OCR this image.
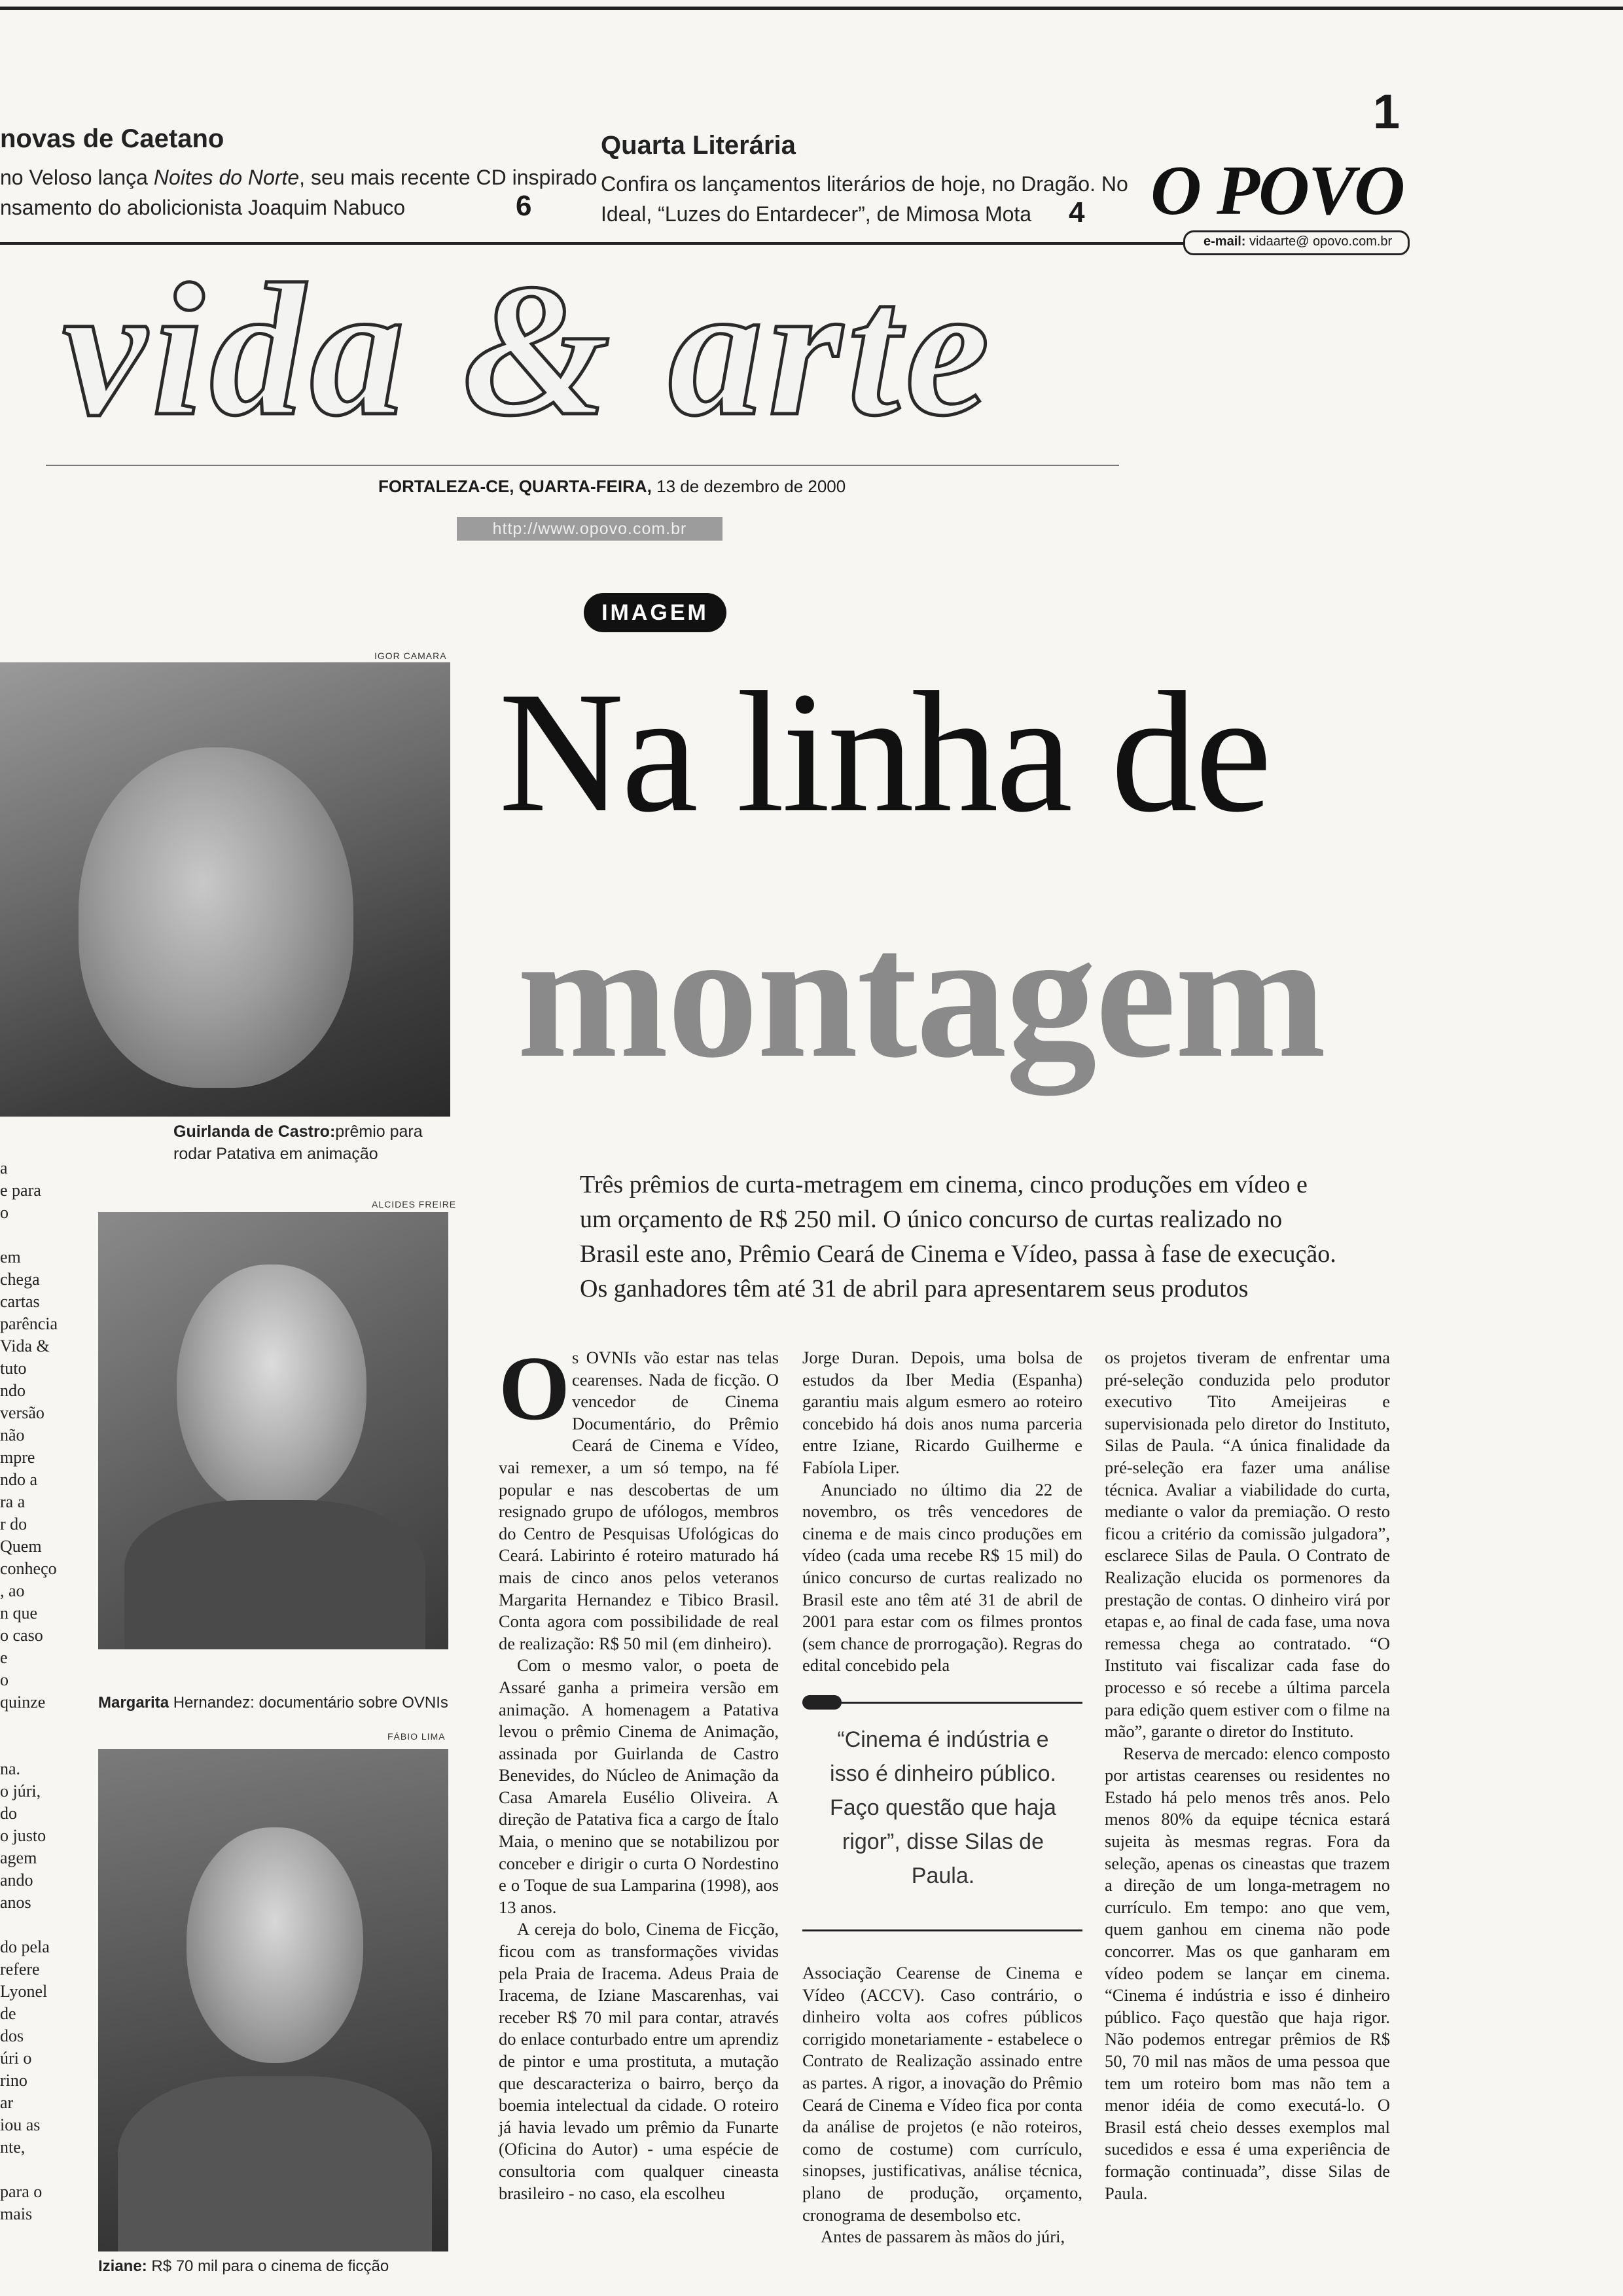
1
novas de Caetano
no Veloso lança Noites do Norte, seu mais recente CD inspirado
nsamento do abolicionista Joaquim Nabuco	6
Quarta Literária
Confira os lançamentos literários de hoje, no Dragão. No
Ideal, “Luzes do Entardecer”, de Mimosa Mota 4 O POVO
e-mail: vidaarte@ opovo.com.br
vida & arte
FORTALEZA-CE, QUARTA-FEIRA, 13 de dezembro de 2000
http://www.opovo.com.br
IMAGEM
Na linha de
montagem
Três prêmios de curta-metragem em cinema, cinco produções em vídeo e
um orçamento de R$ 250 mil. O único concurso de curtas realizado no
Brasil este ano, Prêmio Ceará de Cinema e Vídeo, passa à fase de execução.
Os ganhadores têm até 31 de abril para apresentarem seus produtos
IGOR CAMARA
Guirlanda de Castro:prêmio para rodar Patativa em animação
ALCIDES FREIRE
Margarita Hernandez: documentário sobre OVNIs
FÁBIO LIMA
Iziane: R$ 70 mil para o cinema de ficção
a
e para
o

em
chega
cartas
parência
Vida &
tuto
ndo
versão
não
mpre
ndo a
ra a
r do
Quem
conheço
, ao
n que
o caso
e
o
quinze

na.
o júri,
do
o justo
agem
ando
anos

do pela
refere
Lyonel
de
dos
úri o
rino
ar
iou as
nte,

para o
mais
O s OVNIs vão estar nas telas cearenses. Nada de ficção. O vencedor de Cinema Documentário, do Prêmio Ceará de Cinema e Vídeo, vai remexer, a um só tempo, na fé popular e nas descobertas de um resignado grupo de ufólogos, membros do Centro de Pesquisas Ufológicas do Ceará. Labirinto é roteiro maturado há mais de cinco anos pelos veteranos Margarita Hernandez e Tibico Brasil. Conta agora com possibilidade de real de realização: R$ 50 mil (em dinheiro).

Com o mesmo valor, o poeta de Assaré ganha a primeira versão em animação. A homenagem a Patativa levou o prêmio Cinema de Animação, assinada por Guirlanda de Castro Benevides, do Núcleo de Animação da Casa Amarela Eusélio Oliveira. A direção de Patativa fica a cargo de Ítalo Maia, o menino que se notabilizou por conceber e dirigir o curta O Nordestino e o Toque de sua Lamparina (1998), aos 13 anos.

A cereja do bolo, Cinema de Ficção, ficou com as transformações vividas pela Praia de Iracema. Adeus Praia de Iracema, de Iziane Mascarenhas, vai receber R$ 70 mil para contar, através do enlace conturbado entre um aprendiz de pintor e uma prostituta, a mutação que descaracteriza o bairro, berço da boemia intelectual da cidade. O roteiro já havia levado um prêmio da Funarte (Oficina do Autor) - uma espécie de consultoria com qualquer cineasta brasileiro - no caso, ela escolheu

Jorge Duran. Depois, uma bolsa de estudos da Iber Media (Espanha) garantiu mais algum esmero ao roteiro concebido há dois anos numa parceria entre Iziane, Ricardo Guilherme e Fabíola Liper.

Anunciado no último dia 22 de novembro, os três vencedores de cinema e de mais cinco produções em vídeo (cada uma recebe R$ 15 mil) do único concurso de curtas realizado no Brasil este ano têm até 31 de abril de 2001 para estar com os filmes prontos (sem chance de prorrogação). Regras do edital concebido pela

“Cinema é indústria e isso é dinheiro público. Faço questão que haja rigor”, disse Silas de Paula.

Associação Cearense de Cinema e Vídeo (ACCV). Caso contrário, o dinheiro volta aos cofres públicos corrigido monetariamente - estabelece o Contrato de Realização assinado entre as partes. A rigor, a inovação do Prêmio Ceará de Cinema e Vídeo fica por conta da análise de projetos (e não roteiros, como de costume) com currículo, sinopses, justificativas, análise técnica, plano de produção, orçamento, cronograma de desembolso etc.

Antes de passarem às mãos do júri,

os projetos tiveram de enfrentar uma pré-seleção conduzida pelo produtor executivo Tito Ameijeiras e supervisionada pelo diretor do Instituto, Silas de Paula. “A única finalidade da pré-seleção era fazer uma análise técnica. Avaliar a viabilidade do curta, mediante o valor da premiação. O resto ficou a critério da comissão julgadora”, esclarece Silas de Paula. O Contrato de Realização elucida os pormenores da prestação de contas. O dinheiro virá por etapas e, ao final de cada fase, uma nova remessa chega ao contratado. “O Instituto vai fiscalizar cada fase do processo e só recebe a última parcela para edição quem estiver com o filme na mão”, garante o diretor do Instituto.

Reserva de mercado: elenco composto por artistas cearenses ou residentes no Estado há pelo menos três anos. Pelo menos 80% da equipe técnica estará sujeita às mesmas regras. Fora da seleção, apenas os cineastas que trazem a direção de um longa-metragem no currículo. Em tempo: ano que vem, quem ganhou em cinema não pode concorrer. Mas os que ganharam em vídeo podem se lançar em cinema. “Cinema é indústria e isso é dinheiro público. Faço questão que haja rigor. Não podemos entregar prêmios de R$ 50, 70 mil nas mãos de uma pessoa que tem um roteiro bom mas não tem a menor idéia de como executá-lo. O Brasil está cheio desses exemplos mal sucedidos e essa é uma experiência de formação continuada”, disse Silas de Paula.
